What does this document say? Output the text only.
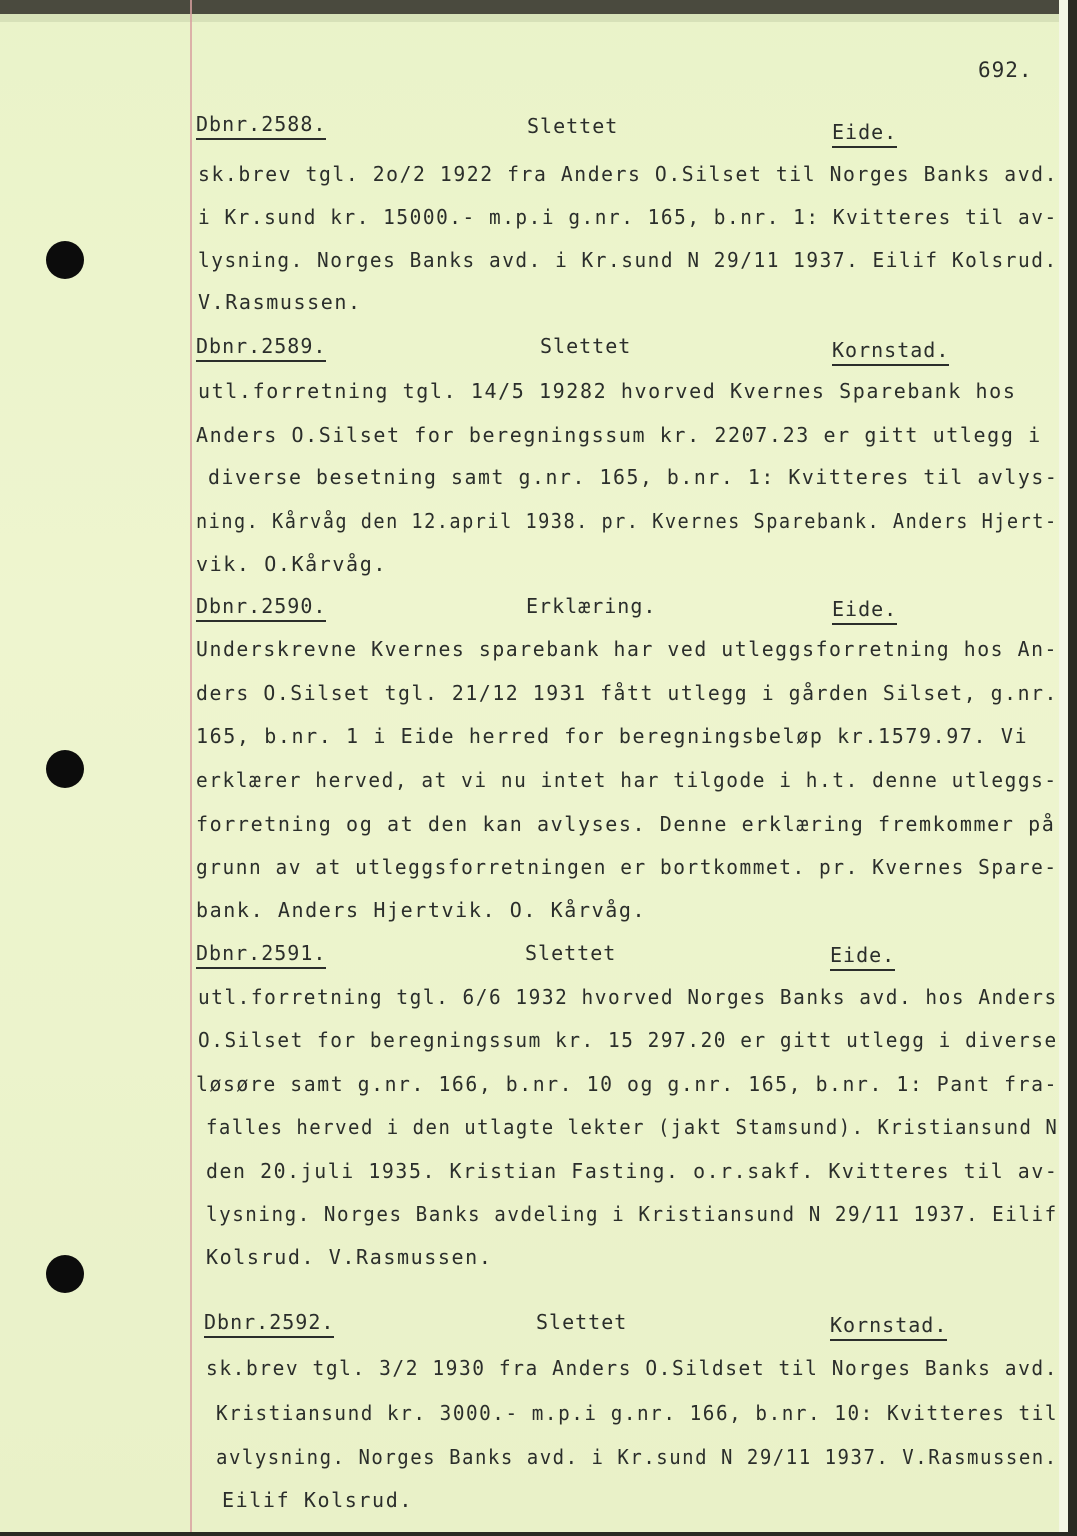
692.
Dbnr.2588.	Slettet	Eide.
sk.brev tgl. 2o/2 1922 fra Anders O.Silset til Norges Banks avd.
i Kr.sund kr. 15000.- m.p.i g.nr. 165, b.nr. 1: Kvitteres til av-
lysning. Norges Banks avd. i Kr.sund N 29/11 1937. Eilif Kolsrud.
V.Rasmussen.
Dbnr.2589.	Slettet	Kornstad.
utl.forretning tgl. 14/5 19282 hvorved Kvernes Sparebank hos
Anders O.Silset for beregningssum kr. 2207.23 er gitt utlegg i
diverse besetning samt g.nr. 165, b.nr. 1: Kvitteres til avlys-
ning. Kårvåg den 12.april 1938. pr. Kvernes Sparebank. Anders Hjert-
vik. O.Kårvåg.
Dbnr.2590.	Erklæring.	Eide.
Underskrevne Kvernes sparebank har ved utleggsforretning hos An-
ders O.Silset tgl. 21/12 1931 fått utlegg i gården Silset, g.nr.
165, b.nr. 1 i Eide herred for beregningsbeløp kr.1579.97. Vi
erklærer herved, at vi nu intet har tilgode i h.t. denne utleggs-
forretning og at den kan avlyses. Denne erklæring fremkommer på
grunn av at utleggsforretningen er bortkommet. pr. Kvernes Spare-
bank. Anders Hjertvik. O. Kårvåg.
Dbnr.2591.	Slettet	Eide.
utl.forretning tgl. 6/6 1932 hvorved Norges Banks avd. hos Anders
O.Silset for beregningssum kr. 15 297.20 er gitt utlegg i diverse
løsøre samt g.nr. 166, b.nr. 10 og g.nr. 165, b.nr. 1: Pant fra-
falles herved i den utlagte lekter (jakt Stamsund). Kristiansund N
den 20.juli 1935. Kristian Fasting. o.r.sakf. Kvitteres til av-
lysning. Norges Banks avdeling i Kristiansund N 29/11 1937. Eilif
Kolsrud. V.Rasmussen.
Dbnr.2592.	Slettet	Kornstad.
sk.brev tgl. 3/2 1930 fra Anders O.Sildset til Norges Banks avd.
Kristiansund kr. 3000.- m.p.i g.nr. 166, b.nr. 10: Kvitteres til
avlysning. Norges Banks avd. i Kr.sund N 29/11 1937. V.Rasmussen.
Eilif Kolsrud.
